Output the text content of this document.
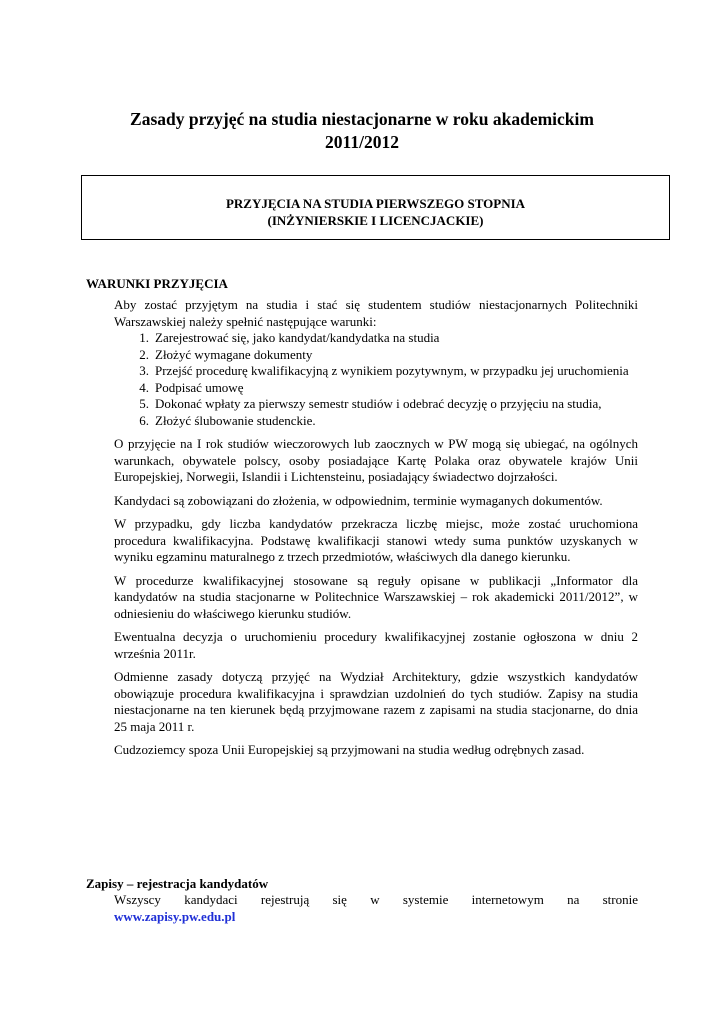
Zasady przyjęć na studia niestacjonarne w roku akademickim
2011/2012
PRZYJĘCIA NA STUDIA PIERWSZEGO STOPNIA
(INŻYNIERSKIE I LICENCJACKIE)
WARUNKI PRZYJĘCIA

Aby zostać przyjętym na studia i stać się studentem studiów niestacjonarnych Politechniki Warszawskiej należy spełnić następujące warunki:

1. Zarejestrować się, jako kandydat/kandydatka na studia
2. Złożyć wymagane dokumenty
3. Przejść procedurę kwalifikacyjną z wynikiem pozytywnym, w przypadku jej uruchomienia
4. Podpisać umowę
5. Dokonać wpłaty za pierwszy semestr studiów i odebrać decyzję o przyjęciu na studia,
6. Złożyć ślubowanie studenckie.

O przyjęcie na I rok studiów wieczorowych lub zaocznych w PW mogą się ubiegać, na ogólnych warunkach, obywatele polscy, osoby posiadające Kartę Polaka oraz obywatele krajów Unii Europejskiej, Norwegii, Islandii i Lichtensteinu, posiadający świadectwo dojrzałości.

Kandydaci są zobowiązani do złożenia, w odpowiednim, terminie wymaganych dokumentów.

W przypadku, gdy liczba kandydatów przekracza liczbę miejsc, może zostać uruchomiona procedura kwalifikacyjna. Podstawę kwalifikacji stanowi wtedy suma punktów uzyskanych w wyniku egzaminu maturalnego z trzech przedmiotów, właściwych dla danego kierunku.

W procedurze kwalifikacyjnej stosowane są reguły opisane w publikacji „Informator dla kandydatów na studia stacjonarne w Politechnice Warszawskiej – rok akademicki 2011/2012”, w odniesieniu do właściwego kierunku studiów.

Ewentualna decyzja o uruchomieniu procedury kwalifikacyjnej zostanie ogłoszona w dniu 2 września 2011r.

Odmienne zasady dotyczą przyjęć na Wydział Architektury, gdzie wszystkich kandydatów obowiązuje procedura kwalifikacyjna i sprawdzian uzdolnień do tych studiów. Zapisy na studia niestacjonarne na ten kierunek będą przyjmowane razem z zapisami na studia stacjonarne, do dnia 25 maja 2011 r.

Cudzoziemcy spoza Unii Europejskiej są przyjmowani na studia według odrębnych zasad.

Zapisy – rejestracja kandydatów

Wszyscy kandydaci rejestrują się w systemie internetowym na stronie
www.zapisy.pw.edu.pl
